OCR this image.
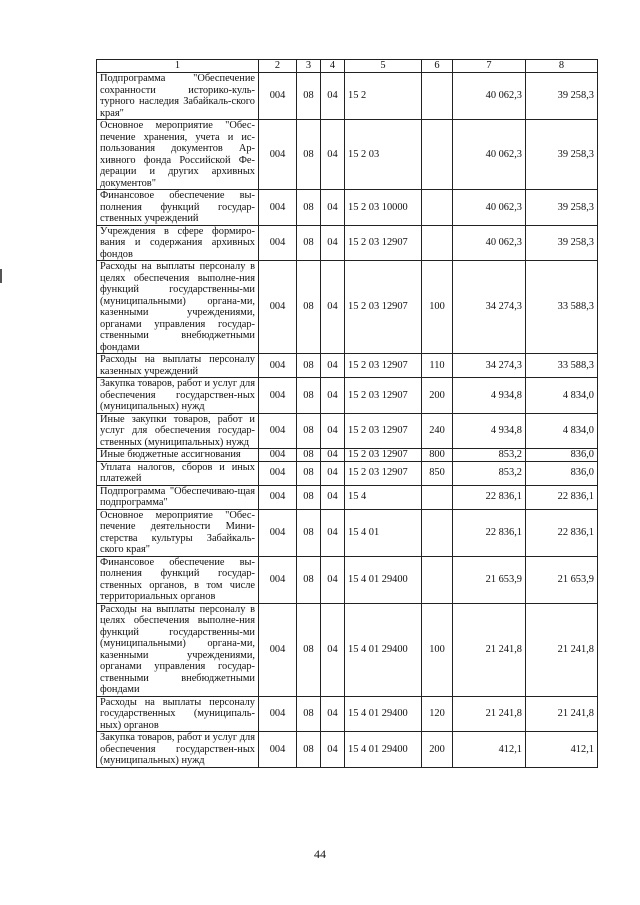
1	2	3	4	5	6	7	8
Подпрограмма "Обеспечение сохранности историко-куль-турного наследия Забайкаль-ского края"	004	08	04	15 2		40 062,3	39 258,3
Основное мероприятие "Обес-печение хранения, учета и ис-пользования документов Ар-хивного фонда Российской Фе-дерации и других архивных документов"	004	08	04	15 2 03		40 062,3	39 258,3
Финансовое обеспечение вы-полнения функций государ-ственных учреждений	004	08	04	15 2 03 10000		40 062,3	39 258,3
Учреждения в сфере формиро-вания и содержания архивных фондов	004	08	04	15 2 03 12907		40 062,3	39 258,3
Расходы на выплаты персоналу в целях обеспечения выполне-ния функций государственны-ми (муниципальными) органа-ми, казенными учреждениями, органами управления государ-ственными внебюджетными фондами	004	08	04	15 2 03 12907	100	34 274,3	33 588,3
Расходы на выплаты персоналу казенных учреждений	004	08	04	15 2 03 12907	110	34 274,3	33 588,3
Закупка товаров, работ и услуг для обеспечения государствен-ных (муниципальных) нужд	004	08	04	15 2 03 12907	200	4 934,8	4 834,0
Иные закупки товаров, работ и услуг для обеспечения государ-ственных (муниципальных) нужд	004	08	04	15 2 03 12907	240	4 934,8	4 834,0
Иные бюджетные ассигнования	004	08	04	15 2 03 12907	800	853,2	836,0
Уплата налогов, сборов и иных платежей	004	08	04	15 2 03 12907	850	853,2	836,0
Подпрограмма "Обеспечиваю-щая подпрограмма"	004	08	04	15 4		22 836,1	22 836,1
Основное мероприятие "Обес-печение деятельности Мини-стерства культуры Забайкаль-ского края"	004	08	04	15 4 01		22 836,1	22 836,1
Финансовое обеспечение вы-полнения функций государ-ственных органов, в том числе территориальных органов	004	08	04	15 4 01 29400		21 653,9	21 653,9
Расходы на выплаты персоналу в целях обеспечения выполне-ния функций государственны-ми (муниципальными) органа-ми, казенными учреждениями, органами управления государ-ственными внебюджетными фондами	004	08	04	15 4 01 29400	100	21 241,8	21 241,8
Расходы на выплаты персоналу государственных (муниципаль-ных) органов	004	08	04	15 4 01 29400	120	21 241,8	21 241,8
Закупка товаров, работ и услуг для обеспечения государствен-ных (муниципальных) нужд	004	08	04	15 4 01 29400	200	412,1	412,1
44
